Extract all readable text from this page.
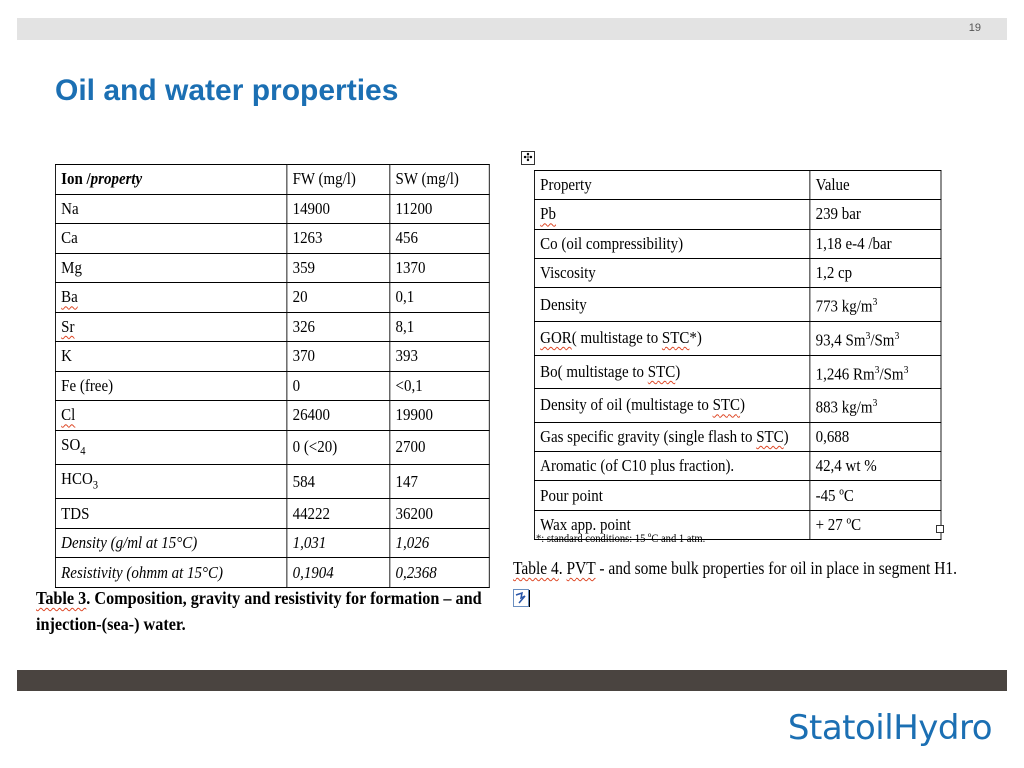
19
Oil and water properties
Ion /property	FW (mg/l)	SW (mg/l)
Na	14900	11200
Ca	1263	456
Mg	359	1370
Ba	20	0,1
Sr	326	8,1
K	370	393
Fe (free)	0	<0,1
Cl	26400	19900
$SO_4$	0 (<20)	2700
$HCO_3$	584	147
TDS	44222	36200
Density (g/ml at 15°C)	1,031	1,026
Resistivity (ohmm at 15°C)	0,1904	0,2368

Table 3. Composition, gravity and resistivity for formation – and injection-(sea-) water.

✣
Property	Value
Pb	239 bar
Co (oil compressibility)	1,18 e-4 /bar
Viscosity	1,2 cp
Density	773 $kg/m^3$
GOR( multistage to STC*)	93,4 Sm$^3$/Sm$^3$
Bo( multistage to STC)	1,246 Rm$^3$/Sm$^3$
Density of oil (multistage to STC)	883 $kg/m^3$
Gas specific gravity (single flash to STC)	0,688
Aromatic (of C10 plus fraction).	42,4 wt %
Pour point	-45 ºC
Wax app. point	+ 27 ºC

*: standard conditions: 15 ºC and 1 atm.

Table 4. PVT - and some bulk properties for oil in place in segment H1.

StatoilHydro
